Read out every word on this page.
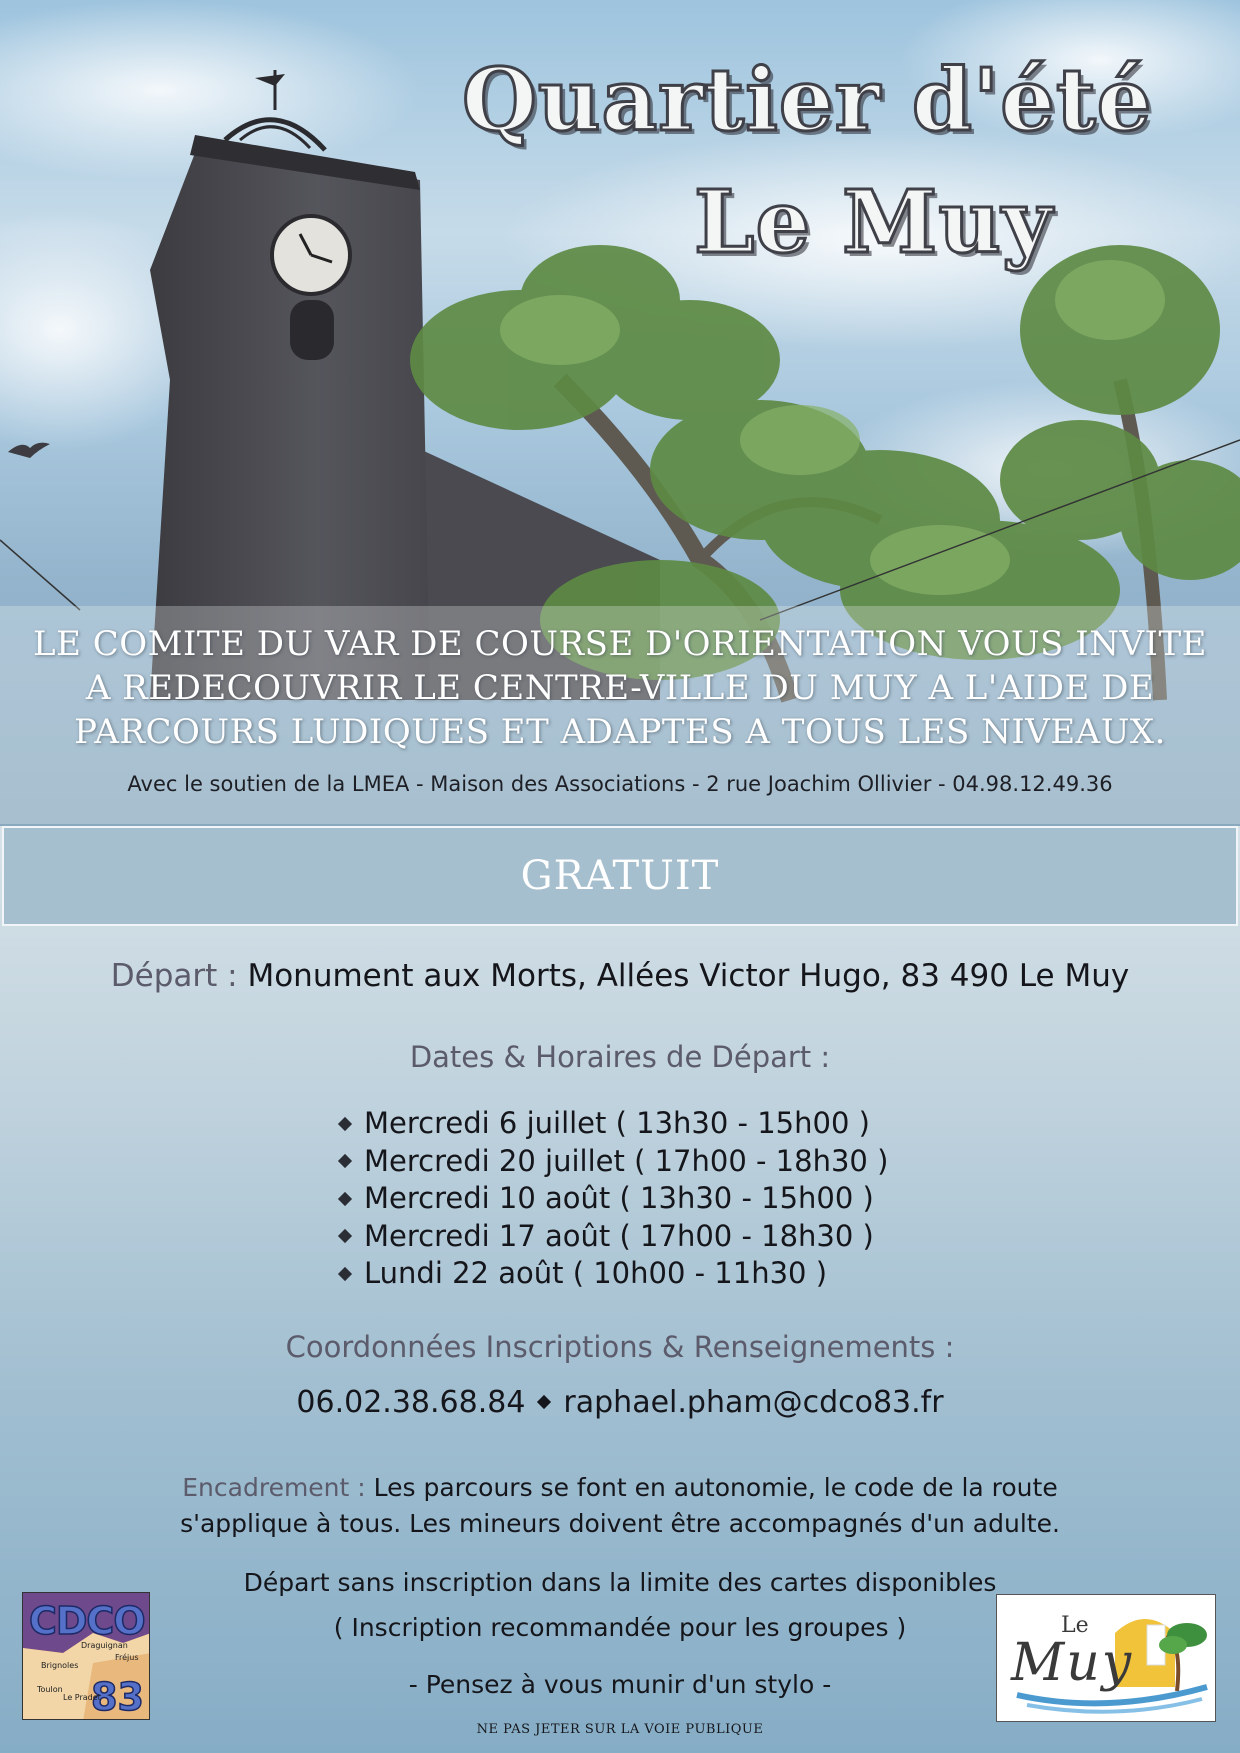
Quartier d'été
Le Muy
LE COMITE DU VAR DE COURSE D'ORIENTATION VOUS INVITE
A REDECOUVRIR LE CENTRE-VILLE DU MUY A L'AIDE DE
PARCOURS LUDIQUES ET ADAPTES A TOUS LES NIVEAUX.
Avec le soutien de la LMEA - Maison des Associations - 2 rue Joachim Ollivier - 04.98.12.49.36
GRATUIT
Départ : Monument aux Morts, Allées Victor Hugo, 83 490 Le Muy
Dates & Horaires de Départ :
Mercredi 6 juillet ( 13h30 - 15h00 )
Mercredi 20 juillet ( 17h00 - 18h30 )
Mercredi 10 août ( 13h30 - 15h00 )
Mercredi 17 août ( 17h00 - 18h30 )
Lundi 22 août ( 10h00 - 11h30 )
Coordonnées Inscriptions & Renseignements :
06.02.38.68.84 raphael.pham@cdco83.fr
Encadrement : Les parcours se font en autonomie, le code de la route
s'applique à tous. Les mineurs doivent être accompagnés d'un adulte.
Départ sans inscription dans la limite des cartes disponibles
( Inscription recommandée pour les groupes )
- Pensez à vous munir d'un stylo -
NE PAS JETER SUR LA VOIE PUBLIQUE
CDCO
83
Draguignan
Fréjus
Brignoles
Toulon
Le Pradet
Le
Muy
